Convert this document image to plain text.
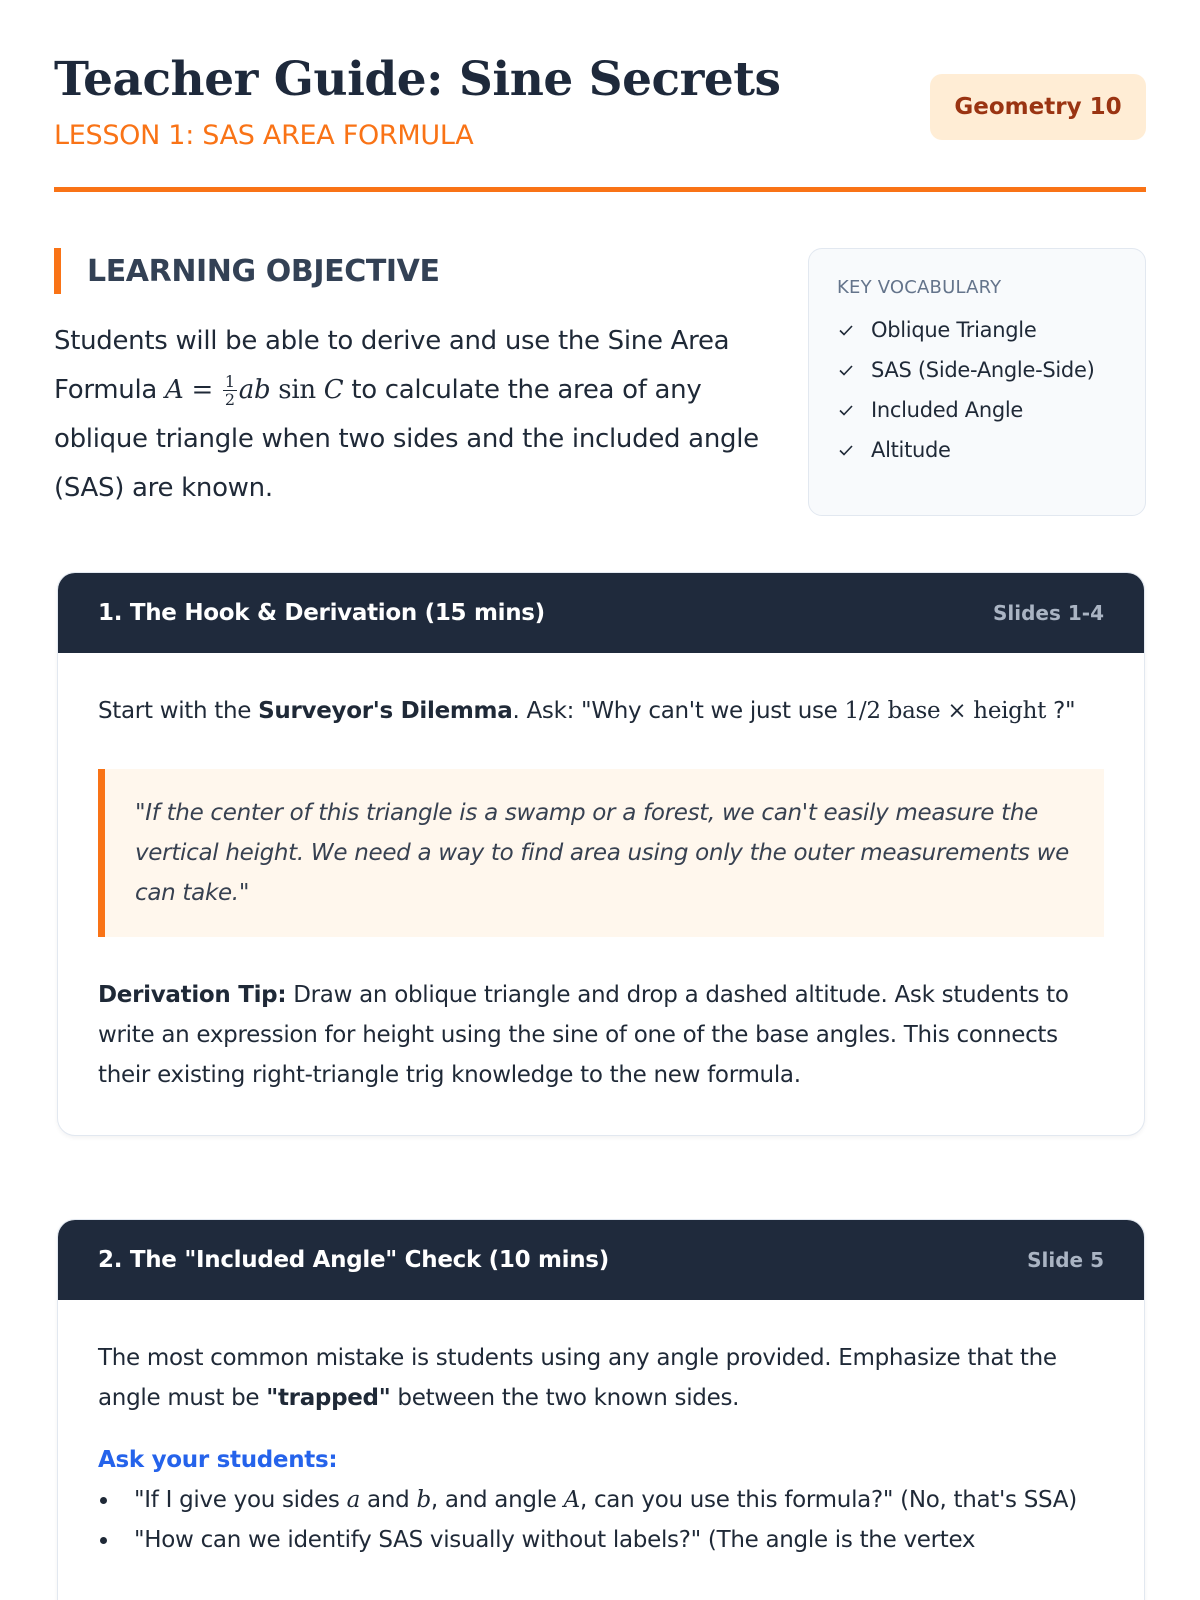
Teacher Guide: Sine Secrets
LESSON 1: SAS AREA FORMULA
Geometry 10
LEARNING OBJECTIVE

Students will be able to derive and use the Sine Area Formula $A = \frac{1}{2}$ ab sin C to calculate the area of any oblique triangle when two sides and the included angle (SAS) are known.

KEY VOCABULARY
Oblique Triangle
SAS (Side-Angle-Side)
Included Angle
Altitude
1. The Hook & Derivation (15 mins)	Slides 1-4

Start with the Surveyor's Dilemma. Ask: "Why can't we just use 1/2 base × height ?"

"If the center of this triangle is a swamp or a forest, we can't easily measure the vertical height. We need a way to find area using only the outer measurements we can take."

Derivation Tip: Draw an oblique triangle and drop a dashed altitude. Ask students to write an expression for height using the sine of one of the base angles. This connects their existing right-triangle trig knowledge to the new formula.

2. The "Included Angle" Check (10 mins)	Slide 5

The most common mistake is students using any angle provided. Emphasize that the angle must be "trapped" between the two known sides.

Ask your students:
"If I give you sides a and b, and angle A, can you use this formula?" (No, that's SSA)
"How can we identify SAS visually without labels?" (The angle is the vertex
